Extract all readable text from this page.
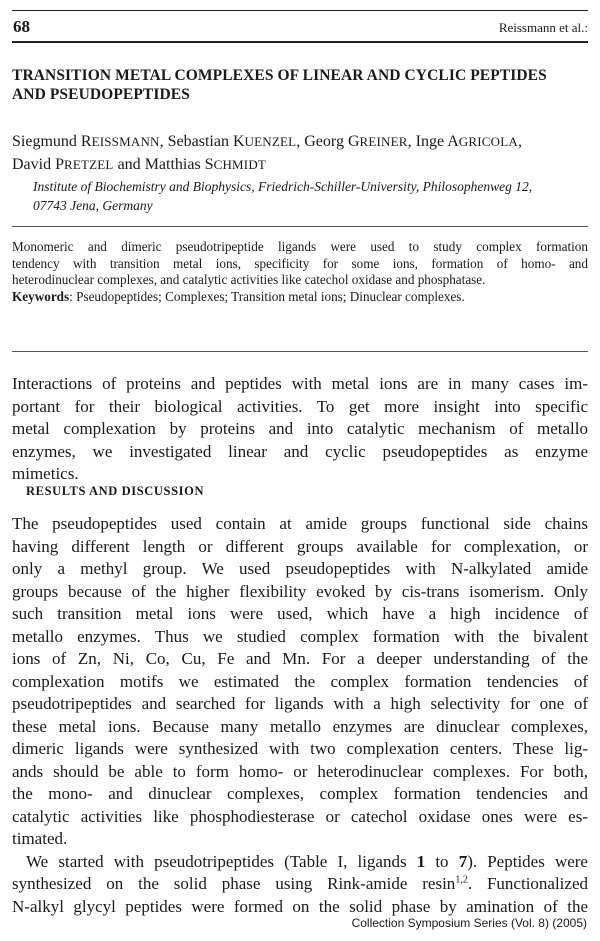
68	Reissmann et al.:
TRANSITION METAL COMPLEXES OF LINEAR AND CYCLIC PEPTIDES
AND PSEUDOPEPTIDES
Siegmund REISSMANN, Sebastian KUENZEL, Georg GREINER, Inge AGRICOLA,
David PRETZEL and Matthias SCHMIDT
Institute of Biochemistry and Biophysics, Friedrich-Schiller-University, Philosophenweg 12,
07743 Jena, Germany
Monomeric and dimeric pseudotripeptide ligands were used to study complex formation
tendency with transition metal ions, specificity for some ions, formation of homo- and
heterodinuclear complexes, and catalytic activities like catechol oxidase and phosphatase.
Keywords: Pseudopeptides; Complexes; Transition metal ions; Dinuclear complexes.
Interactions of proteins and peptides with metal ions are in many cases im-
portant for their biological activities. To get more insight into specific
metal complexation by proteins and into catalytic mechanism of metallo
enzymes, we investigated linear and cyclic pseudopeptides as enzyme
mimetics.
RESULTS AND DISCUSSION
The pseudopeptides used contain at amide groups functional side chains
having different length or different groups available for complexation, or
only a methyl group. We used pseudopeptides with N-alkylated amide
groups because of the higher flexibility evoked by cis-trans isomerism. Only
such transition metal ions were used, which have a high incidence of
metallo enzymes. Thus we studied complex formation with the bivalent
ions of Zn, Ni, Co, Cu, Fe and Mn. For a deeper understanding of the
complexation motifs we estimated the complex formation tendencies of
pseudotripeptides and searched for ligands with a high selectivity for one of
these metal ions. Because many metallo enzymes are dinuclear complexes,
dimeric ligands were synthesized with two complexation centers. These lig-
ands should be able to form homo- or heterodinuclear complexes. For both,
the mono- and dinuclear complexes, complex formation tendencies and
catalytic activities like phosphodiesterase or catechol oxidase ones were es-
timated.
We started with pseudotripeptides (Table I, ligands 1 to 7). Peptides were
synthesized on the solid phase using Rink-amide resin$^{1,2}$. Functionalized
N-alkyl glycyl peptides were formed on the solid phase by amination of the
Collection Symposium Series (Vol. 8) (2005)
